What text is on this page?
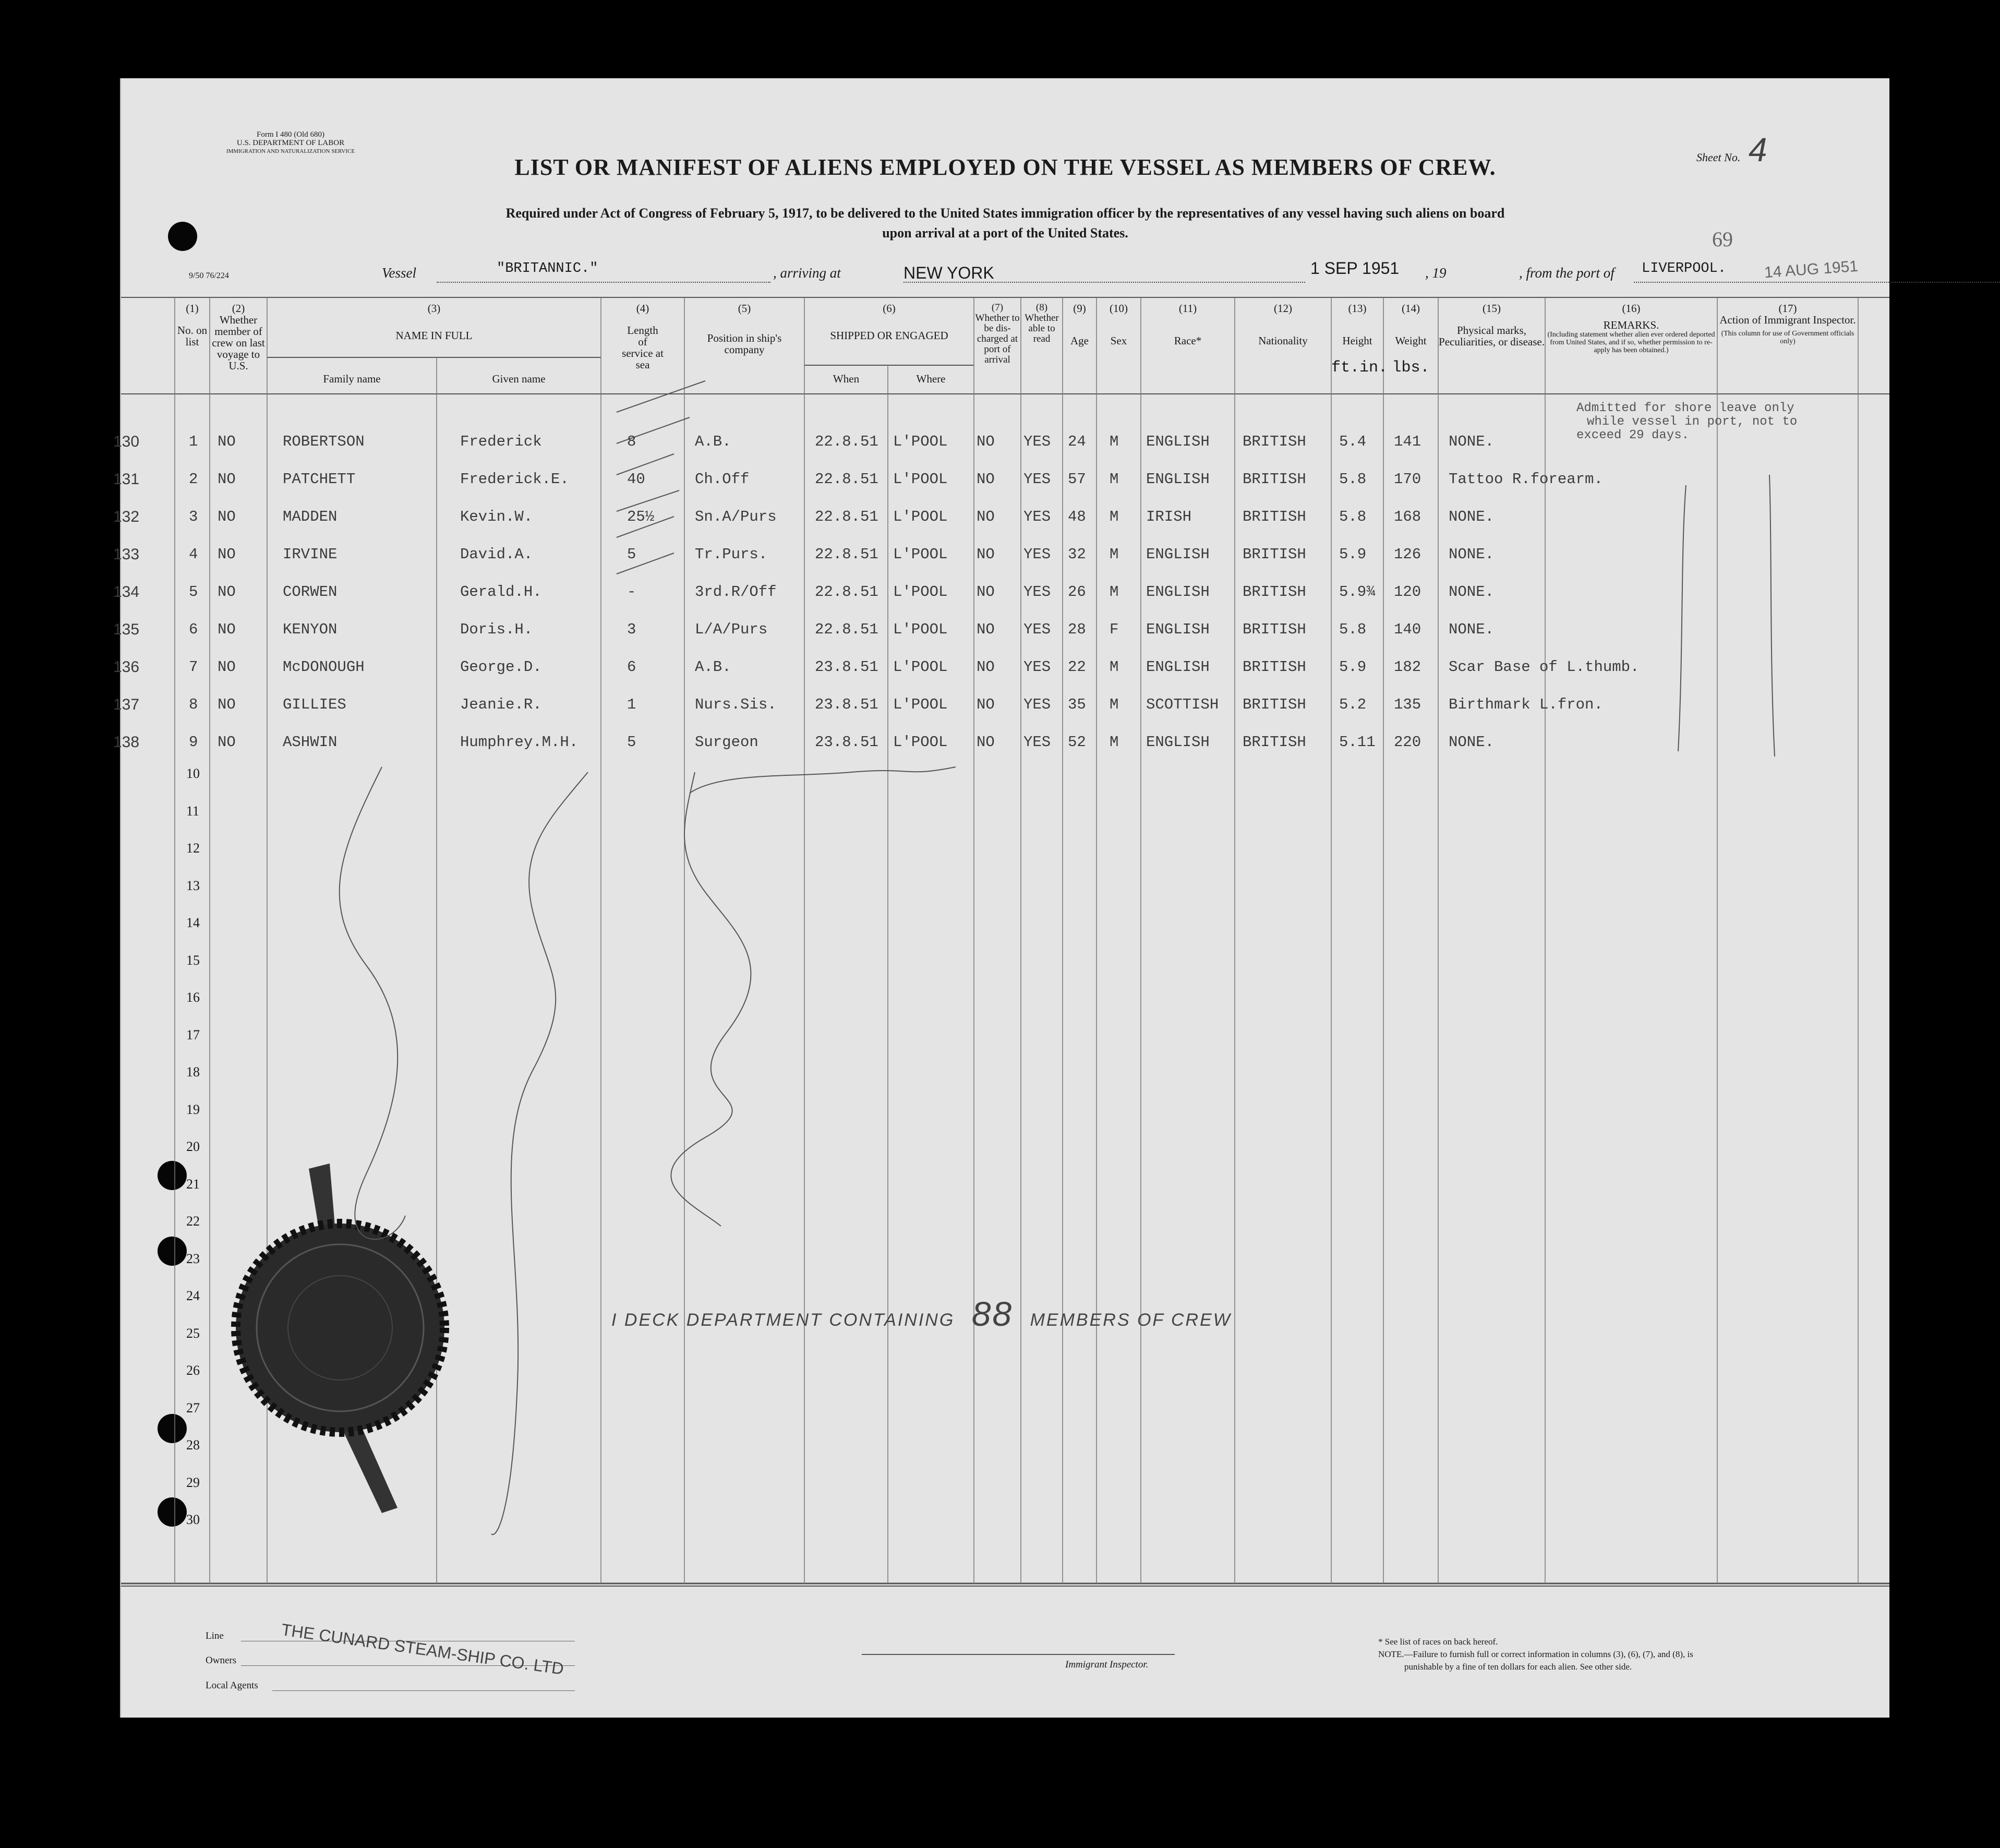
Form I 480 (Old 680)
U.S. DEPARTMENT OF LABOR
IMMIGRATION AND NATURALIZATION SERVICE	Sheet No. 4
LIST OR MANIFEST OF ALIENS EMPLOYED ON THE VESSEL AS MEMBERS OF CREW.
Required under Act of Congress of February 5, 1917, to be delivered to the United States immigration officer by the representatives of any vessel having such aliens on board
upon arrival at a port of the United States.
9/50 76/224	Vessel	"BRITANNIC."	, arriving at	NEW YORK	1 SEP 1951 , 19	, from the port of LIVERPOOL. 14 AUG 1951
69
(1)
No. on list
(2)
Whether member of crew on last voyage to U.S.
(3)
NAME IN FULL
Family name	Given name
(4)
Length of service at sea
(5)
Position in ship's company
(6)
SHIPPED OR ENGAGED
When	Where
(7)
Whether to be dis-charged at port of arrival
(8)
Whether able to read
(9)
Age
(10)
Sex
(11)
Race*
(12)
Nationality
(13)
Height
ft.in.
(14)
Weight
lbs.
(15)
Physical marks, Peculiarities, or disease.
(16)
REMARKS.
(Including statement whether alien ever ordered deported from United States, and if so, whether permission to re-apply has been obtained.)
(17)
Action of Immigrant Inspector.
(This column for use of Government officials only)
130	1 NO	ROBERTSON	Frederick	8	A.B.	22.8.51 L'POOL NO YES 24 M ENGLISH BRITISH 5.4 141 NONE.
131	2 NO	PATCHETT	Frederick.E.	40	Ch.Off	22.8.51 L'POOL NO YES 57 M ENGLISH BRITISH 5.8 170 Tattoo R.forearm.
132	3 NO	MADDEN	Kevin.W.	25½	Sn.A/Purs	22.8.51 L'POOL NO YES 48 M IRISH	BRITISH 5.8 168 NONE.
133	4 NO	IRVINE	David.A.	5	Tr.Purs.	22.8.51 L'POOL NO YES 32 M ENGLISH BRITISH 5.9 126 NONE.
134	5 NO	CORWEN	Gerald.H.	-	3rd.R/Off	22.8.51 L'POOL NO YES 26 M ENGLISH BRITISH 5.9¾ 120 NONE.
135	6 NO	KENYON	Doris.H.	3	L/A/Purs	22.8.51 L'POOL NO YES 28 F ENGLISH BRITISH 5.8 140 NONE.
136	7 NO	McDONOUGH	George.D.	6	A.B.	23.8.51 L'POOL NO YES 22 M ENGLISH BRITISH 5.9 182 Scar Base of L.thumb.
137	8 NO	GILLIES	Jeanie.R.	1	Nurs.Sis.	23.8.51 L'POOL NO YES 35 M SCOTTISH BRITISH 5.2 135 Birthmark L.fron.
138	9 NO	ASHWIN	Humphrey.M.H.	5	Surgeon	23.8.51 L'POOL NO YES 52 M ENGLISH BRITISH 5.11 220 NONE.
10
11
12
13
14
15
16
17
18
19
20
21
22
23
24
25
26
27
28
29
30
Admitted for shore leave only
while vessel in port, not to
exceed 29 days.
I DECK DEPARTMENT CONTAINING 88 MEMBERS OF CREW
Line
Owners
Local Agents
THE CUNARD STEAM-SHIP CO. LTD	Immigrant Inspector.
* See list of races on back hereof.
NOTE.—Failure to furnish full or correct information in columns (3), (6), (7), and (8), is
punishable by a fine of ten dollars for each alien. See other side.
